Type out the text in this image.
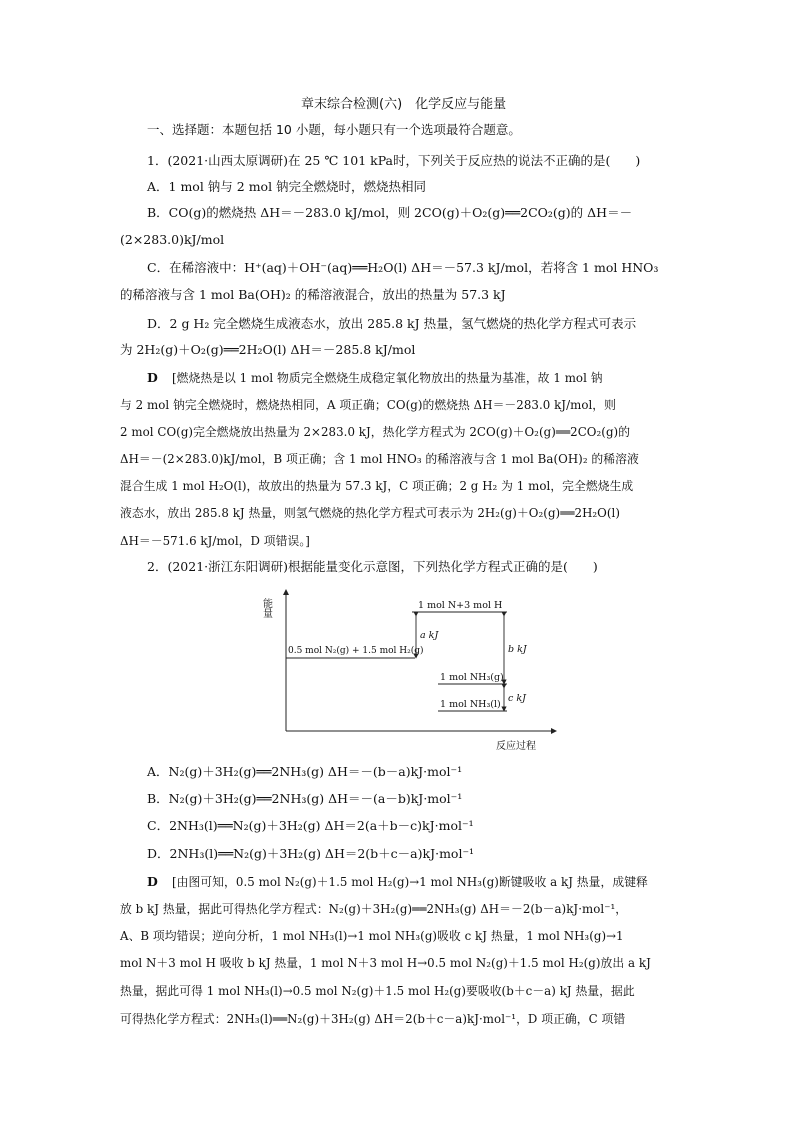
章末综合检测(六)　化学反应与能量
一、选择题：本题包括 10 小题，每小题只有一个选项最符合题意。
1．(2021·山西太原调研)在 25 ℃ 101 kPa时，下列关于反应热的说法不正确的是(　　)
A．1 mol 钠与 2 mol 钠完全燃烧时，燃烧热相同
B．CO(g)的燃烧热 ΔH＝－283.0 kJ/mol，则 2CO(g)＋O₂(g)══2CO₂(g)的 ΔH＝－
(2×283.0)kJ/mol
C．在稀溶液中：H⁺(aq)＋OH⁻(aq)══H₂O(l) ΔH＝－57.3 kJ/mol，若将含 1 mol HNO₃
的稀溶液与含 1 mol Ba(OH)₂ 的稀溶液混合，放出的热量为 57.3 kJ
D．2 g H₂ 完全燃烧生成液态水，放出 285.8 kJ 热量，氢气燃烧的热化学方程式可表示
为 2H₂(g)＋O₂(g)══2H₂O(l) ΔH＝－285.8 kJ/mol
D [燃烧热是以 1 mol 物质完全燃烧生成稳定氧化物放出的热量为基准，故 1 mol 钠
与 2 mol 钠完全燃烧时，燃烧热相同，A 项正确；CO(g)的燃烧热 ΔH＝－283.0 kJ/mol，则
2 mol CO(g)完全燃烧放出热量为 2×283.0 kJ，热化学方程式为 2CO(g)＋O₂(g)══2CO₂(g)的
ΔH＝－(2×283.0)kJ/mol，B 项正确；含 1 mol HNO₃ 的稀溶液与含 1 mol Ba(OH)₂ 的稀溶液
混合生成 1 mol H₂O(l)，故放出的热量为 57.3 kJ，C 项正确；2 g H₂ 为 1 mol，完全燃烧生成
液态水，放出 285.8 kJ 热量，则氢气燃烧的热化学方程式可表示为 2H₂(g)＋O₂(g)══2H₂O(l)
ΔH＝－571.6 kJ/mol，D 项错误。]
2．(2021·浙江东阳调研)根据能量变化示意图，下列热化学方程式正确的是(　　)
能量
反应过程
1 mol N+3 mol H
0.5 mol N₂(g) + 1.5 mol H₂(g)
1 mol NH₃(g)
1 mol NH₃(l)
a kJ
b kJ
c kJ
A．N₂(g)＋3H₂(g)══2NH₃(g) ΔH＝－(b－a)kJ·mol⁻¹
B．N₂(g)＋3H₂(g)══2NH₃(g) ΔH＝－(a－b)kJ·mol⁻¹
C．2NH₃(l)══N₂(g)＋3H₂(g) ΔH＝2(a＋b－c)kJ·mol⁻¹
D．2NH₃(l)══N₂(g)＋3H₂(g) ΔH＝2(b＋c－a)kJ·mol⁻¹
D [由图可知，0.5 mol N₂(g)＋1.5 mol H₂(g)→1 mol NH₃(g)断键吸收 a kJ 热量，成键释
放 b kJ 热量，据此可得热化学方程式：N₂(g)＋3H₂(g)══2NH₃(g) ΔH＝－2(b－a)kJ·mol⁻¹，
A、B 项均错误；逆向分析，1 mol NH₃(l)→1 mol NH₃(g)吸收 c kJ 热量，1 mol NH₃(g)→1
mol N＋3 mol H 吸收 b kJ 热量，1 mol N＋3 mol H→0.5 mol N₂(g)＋1.5 mol H₂(g)放出 a kJ
热量，据此可得 1 mol NH₃(l)→0.5 mol N₂(g)＋1.5 mol H₂(g)要吸收(b＋c－a) kJ 热量，据此
可得热化学方程式：2NH₃(l)══N₂(g)＋3H₂(g) ΔH＝2(b＋c－a)kJ·mol⁻¹，D 项正确，C 项错
